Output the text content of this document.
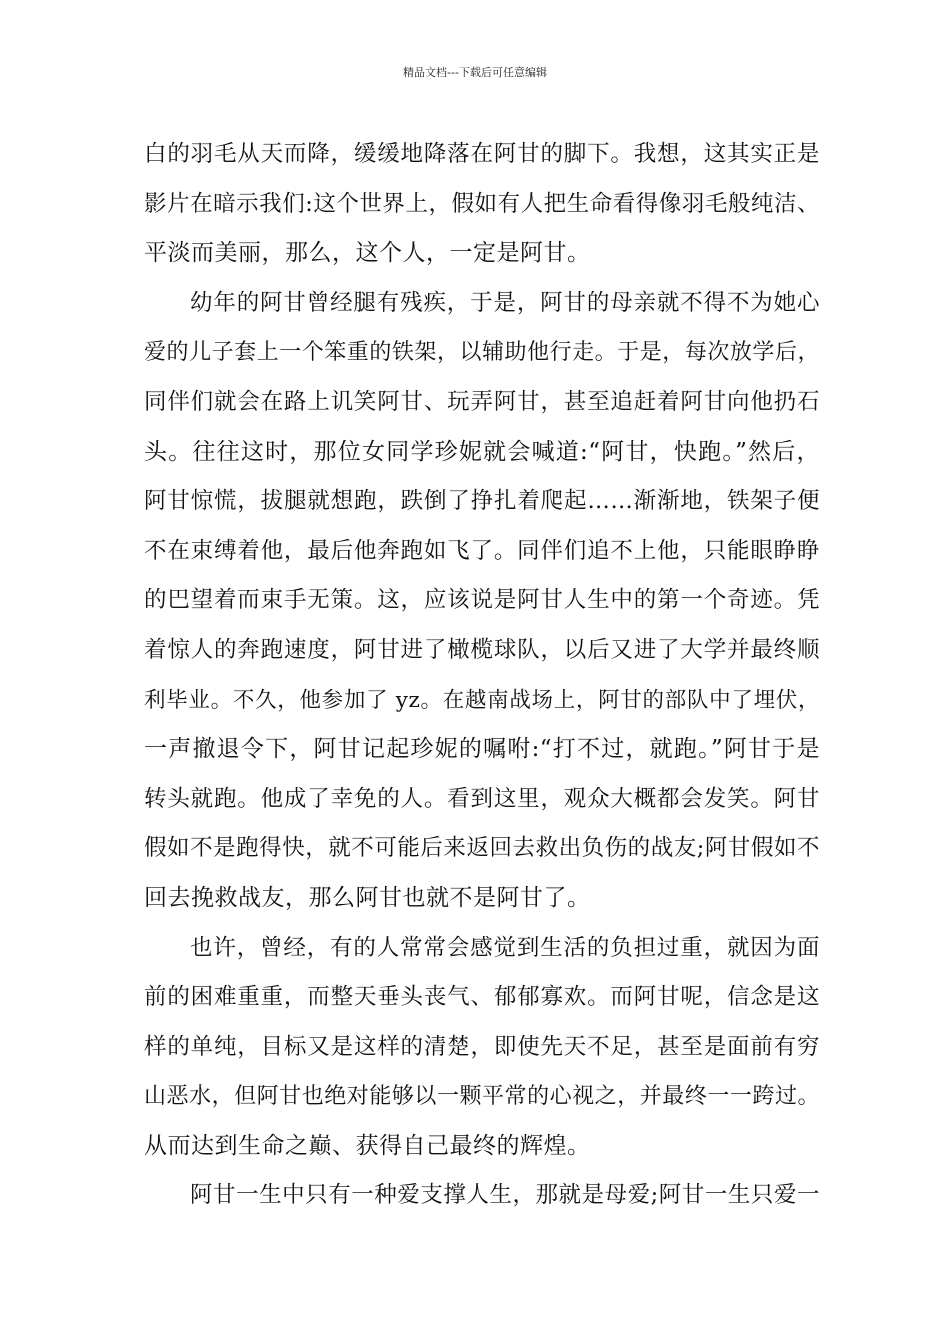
精品文档---下载后可任意编辑
白的羽毛从天而降，缓缓地降落在阿甘的脚下。我想，这其实正是
影片在暗示我们:这个世界上，假如有人把生命看得像羽毛般纯洁、
平淡而美丽，那么，这个人，一定是阿甘。
幼年的阿甘曾经腿有残疾，于是，阿甘的母亲就不得不为她心
爱的儿子套上一个笨重的铁架，以辅助他行走。于是，每次放学后，
同伴们就会在路上讥笑阿甘、玩弄阿甘，甚至追赶着阿甘向他扔石
头。往往这时，那位女同学珍妮就会喊道:“阿甘，快跑。”然后，
阿甘惊慌，拔腿就想跑，跌倒了挣扎着爬起……渐渐地，铁架子便
不在束缚着他，最后他奔跑如飞了。同伴们追不上他，只能眼睁睁
的巴望着而束手无策。这，应该说是阿甘人生中的第一个奇迹。凭
着惊人的奔跑速度，阿甘进了橄榄球队，以后又进了大学并最终顺
利毕业。不久，他参加了 yz。在越南战场上，阿甘的部队中了埋伏，
一声撤退令下，阿甘记起珍妮的嘱咐:“打不过，就跑。”阿甘于是
转头就跑。他成了幸免的人。看到这里，观众大概都会发笑。阿甘
假如不是跑得快，就不可能后来返回去救出负伤的战友;阿甘假如不
回去挽救战友，那么阿甘也就不是阿甘了。
也许，曾经，有的人常常会感觉到生活的负担过重，就因为面
前的困难重重，而整天垂头丧气、郁郁寡欢。而阿甘呢，信念是这
样的单纯，目标又是这样的清楚，即使先天不足，甚至是面前有穷
山恶水，但阿甘也绝对能够以一颗平常的心视之，并最终一一跨过。
从而达到生命之巅、获得自己最终的辉煌。
阿甘一生中只有一种爱支撑人生，那就是母爱;阿甘一生只爱一
